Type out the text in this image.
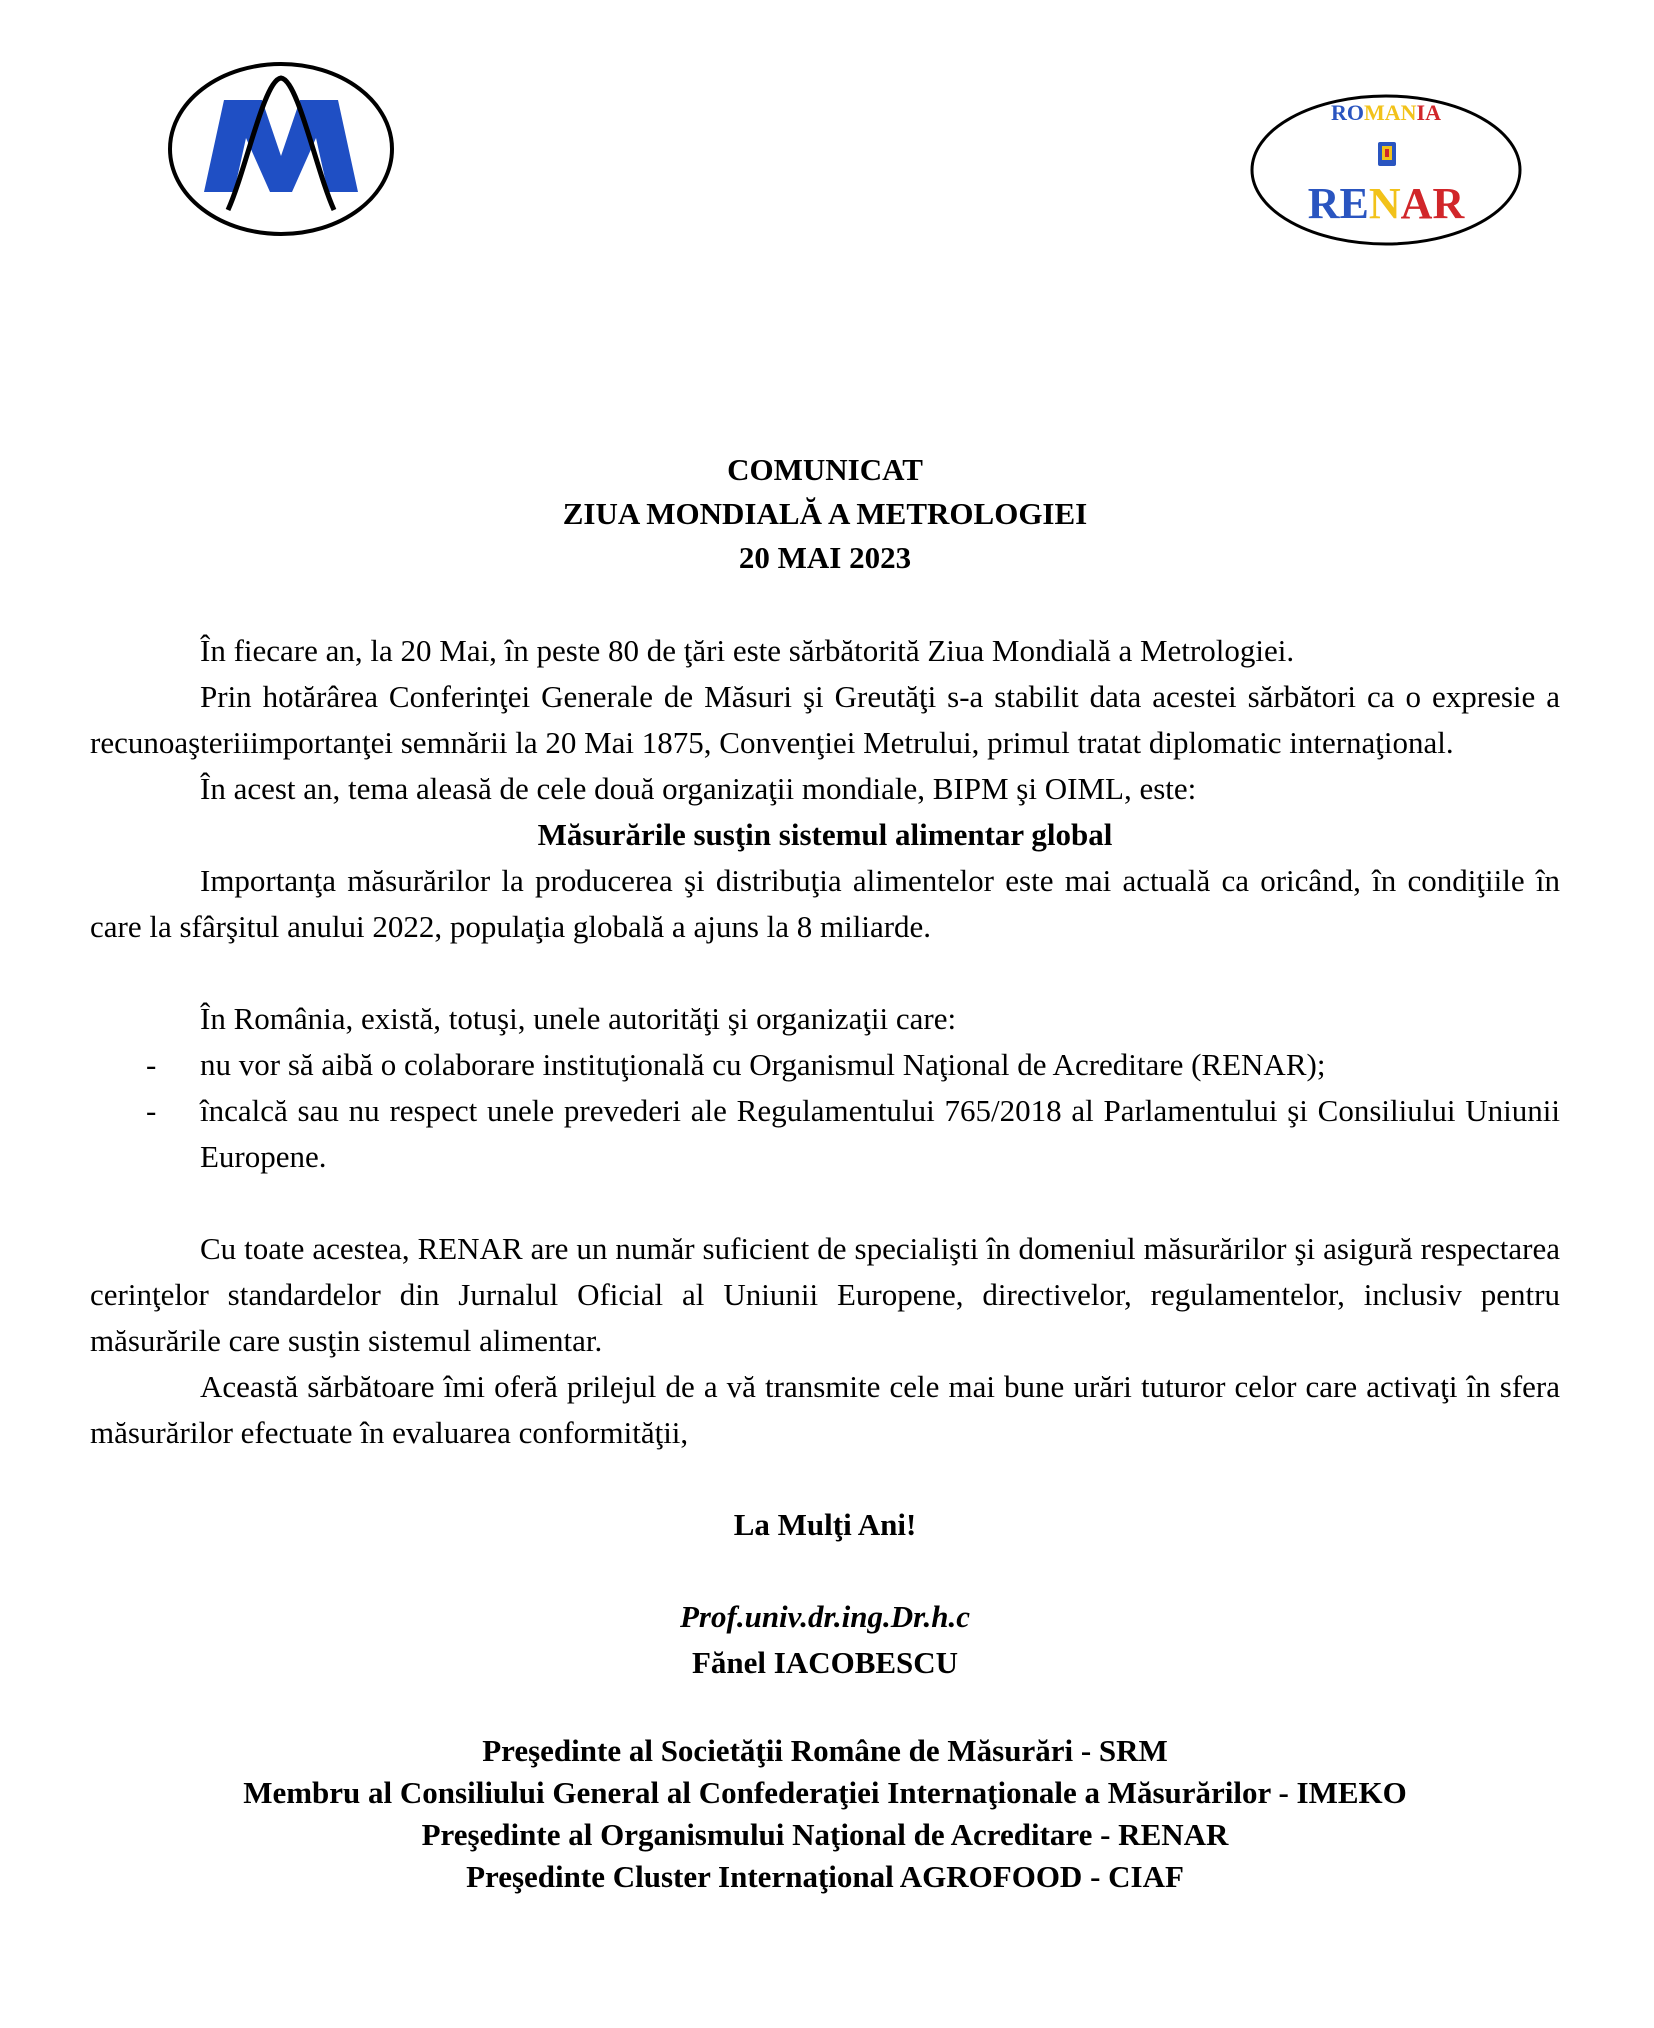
ROMANIA
RENAR
COMUNICAT
ZIUA MONDIALĂ A METROLOGIEI
20 MAI 2023

În fiecare an, la 20 Mai, în peste 80 de ţări este sărbătorită Ziua Mondială a Metrologiei.

Prin hotărârea Conferinţei Generale de Măsuri şi Greutăţi s-a stabilit data acestei sărbători ca o expresie a recunoaşteriiimportanţei semnării la 20 Mai 1875, Convenţiei Metrului, primul tratat diplomatic internaţional.

În acest an, tema aleasă de cele două organizaţii mondiale, BIPM şi OIML, este:

Măsurările susţin sistemul alimentar global

Importanţa măsurărilor la producerea şi distribuţia alimentelor este mai actuală ca oricând, în condiţiile în care la sfârşitul anului 2022, populaţia globală a ajuns la 8 miliarde.

În România, există, totuşi, unele autorităţi şi organizaţii care:

- nu vor să aibă o colaborare instituţională cu Organismul Naţional de Acreditare (RENAR);
- încalcă sau nu respect unele prevederi ale Regulamentului 765/2018 al Parlamentului şi Consiliului Uniunii Europene.

Cu toate acestea, RENAR are un număr suficient de specialişti în domeniul măsurărilor şi asigură respectarea cerinţelor standardelor din Jurnalul Oficial al Uniunii Europene, directivelor, regulamentelor, inclusiv pentru măsurările care susţin sistemul alimentar.

Această sărbătoare îmi oferă prilejul de a vă transmite cele mai bune urări tuturor celor care activaţi în sfera măsurărilor efectuate în evaluarea conformităţii,

La Mulţi Ani!
Prof.univ.dr.ing.Dr.h.c
Fănel IACOBESCU
Preşedinte al Societăţii Române de Măsurări - SRM
Membru al Consiliului General al Confederaţiei Internaţionale a Măsurărilor - IMEKO
Preşedinte al Organismului Naţional de Acreditare - RENAR
Preşedinte Cluster Internaţional AGROFOOD - CIAF
